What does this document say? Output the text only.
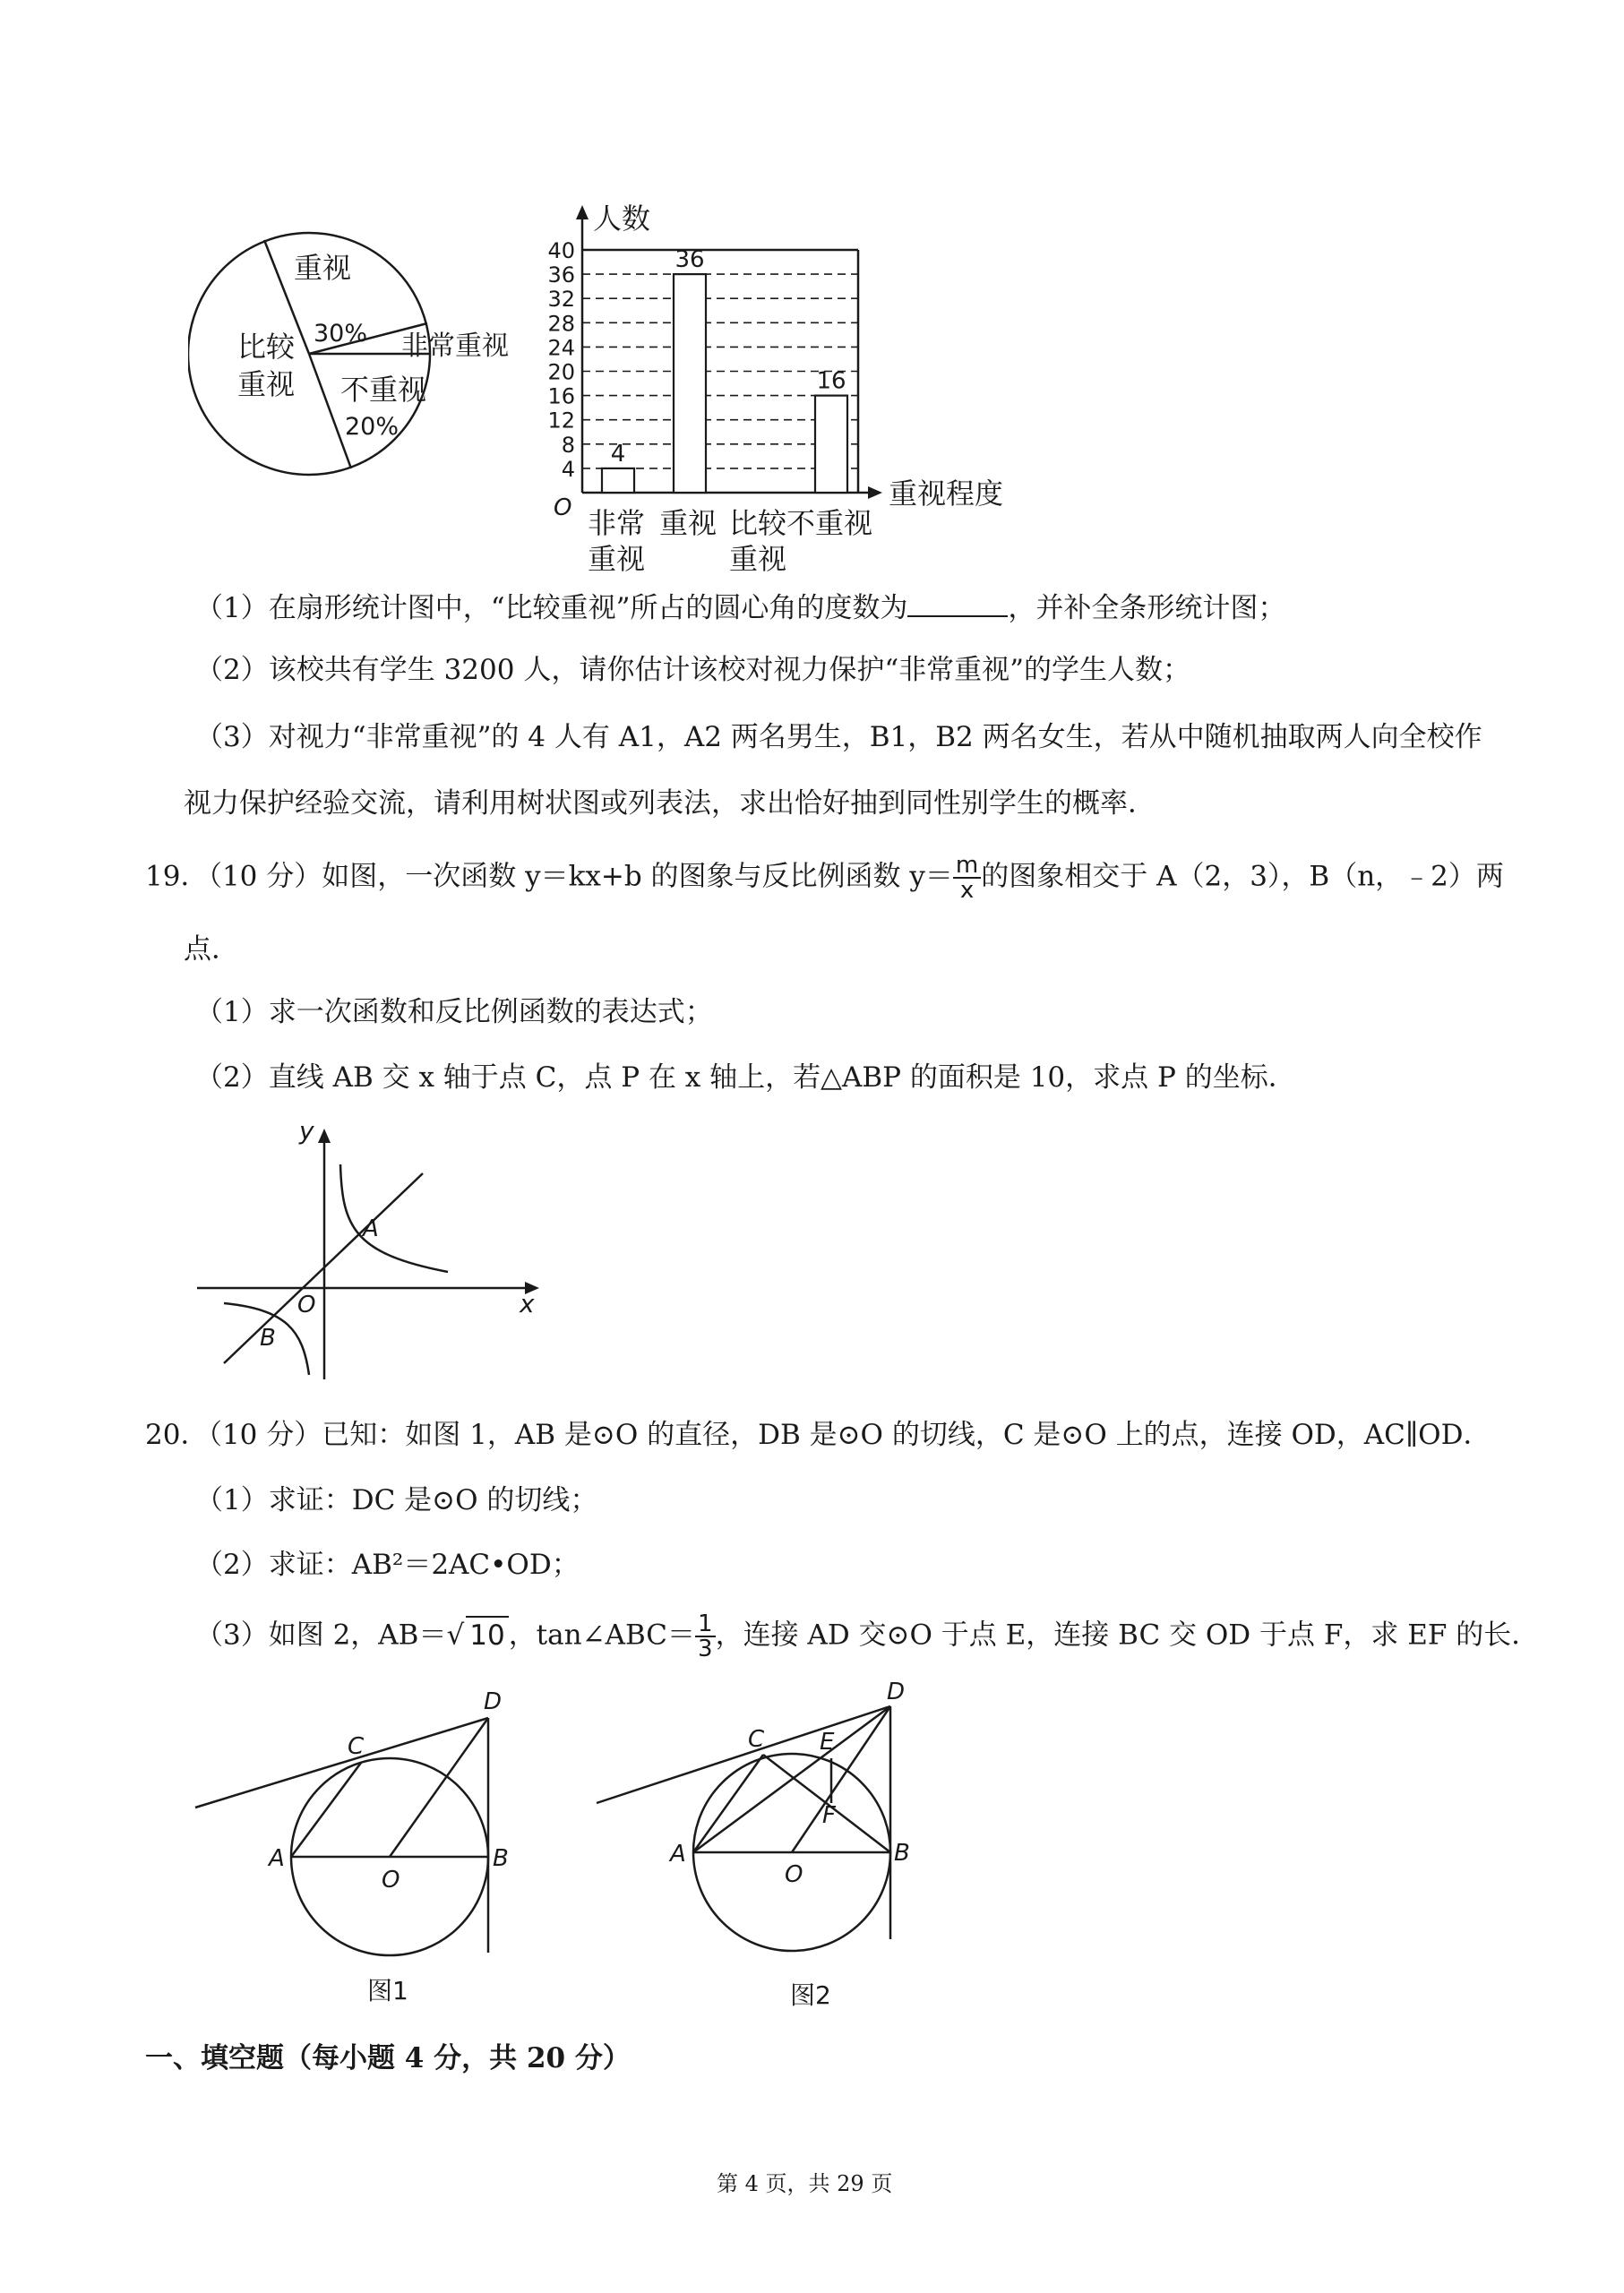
重视
30%
比较
重视
非常重视
不重视
20%
人数
重视程度
O
4
8
12
16
20
24
28
32
36
40
4
非常
重视
36
重视 比较
重视
16
不重视
（1）在扇形统计图中，“比较重视”所占的圆心角的度数为	，并补全条形统计图；
（2）该校共有学生 3200 人，请你估计该校对视力保护“非常重视”的学生人数；
（3）对视力“非常重视”的 4 人有 A1，A2 两名男生，B1，B2 两名女生，若从中随机抽取两人向全校作
视力保护经验交流，请利用树状图或列表法，求出恰好抽到同性别学生的概率．
19．（10 分）如图，一次函数 y＝kx+b 的图象与反比例函数 $y= \frac{m}{x}$ 的图象相交于 A（2，3），B（n，﹣2）两
点．
（1）求一次函数和反比例函数的表达式；
（2）直线 AB 交 x 轴于点 C，点 P 在 x 轴上，若△ABP 的面积是 10，求点 P 的坐标．
y
x
O
A
B
20．（10 分）已知：如图 1，AB 是⊙O 的直径，DB 是⊙O 的切线，C 是⊙O 上的点，连接 OD，AC∥OD．
（1）求证：DC 是⊙O 的切线；
（2）求证：AB²＝2AC•OD；
（3）如图 2，AB＝√ 10 ，tan∠ABC＝ $\frac{1}{3}$ ，连接 AD 交⊙O 于点 E，连接 BC 交 OD 于点 F，求 EF 的长．
D
C
A
O
B
图1
D
C E
F
A
O
B
图2
一、填空题（每小题 4 分，共 20 分）
第 4 页，共 29 页
